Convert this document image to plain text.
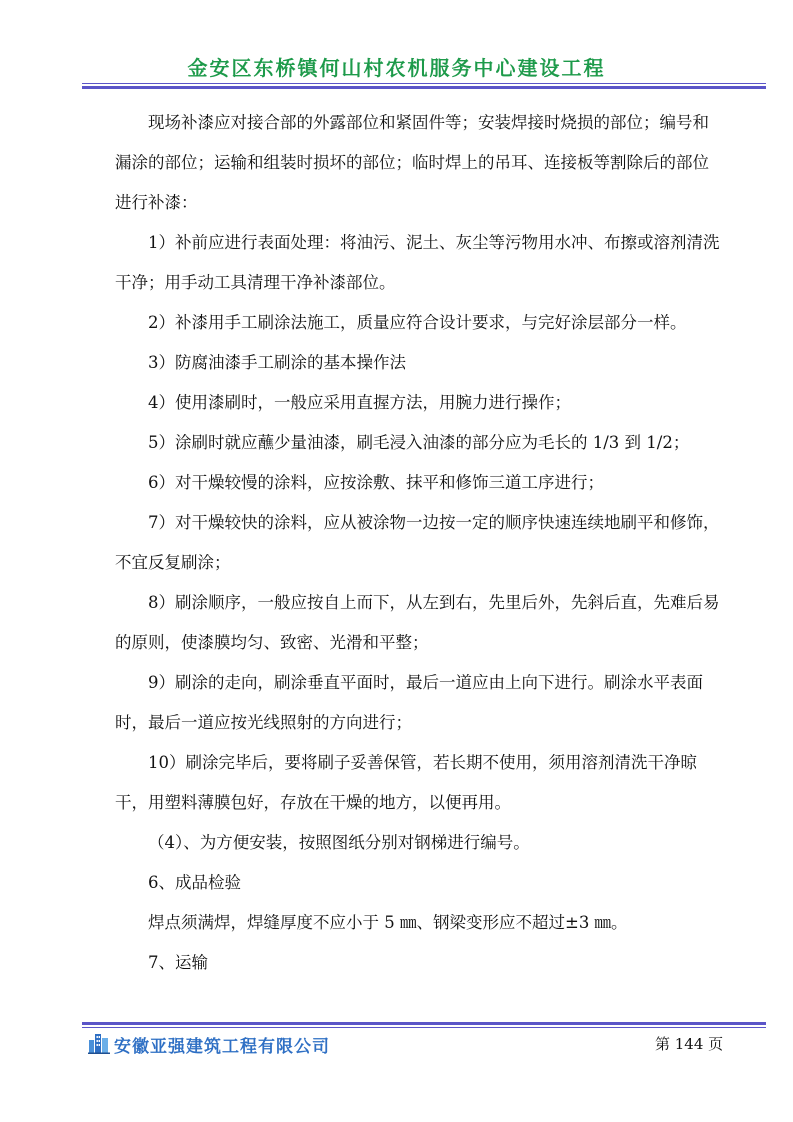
金安区东桥镇何山村农机服务中心建设工程

现场补漆应对接合部的外露部位和紧固件等；安装焊接时烧损的部位；编号和漏涂的部位；运输和组装时损坏的部位；临时焊上的吊耳、连接板等割除后的部位进行补漆：

1）补前应进行表面处理：将油污、泥土、灰尘等污物用水冲、布擦或溶剂清洗干净；用手动工具清理干净补漆部位。

2）补漆用手工刷涂法施工，质量应符合设计要求，与完好涂层部分一样。

3）防腐油漆手工刷涂的基本操作法

4）使用漆刷时，一般应采用直握方法，用腕力进行操作；

5）涂刷时就应蘸少量油漆，刷毛浸入油漆的部分应为毛长的 1/3 到 1/2；

6）对干燥较慢的涂料，应按涂敷、抹平和修饰三道工序进行；

7）对干燥较快的涂料，应从被涂物一边按一定的顺序快速连续地刷平和修饰，不宜反复刷涂；

8）刷涂顺序，一般应按自上而下，从左到右，先里后外，先斜后直，先难后易的原则，使漆膜均匀、致密、光滑和平整；

9）刷涂的走向，刷涂垂直平面时，最后一道应由上向下进行。刷涂水平表面时，最后一道应按光线照射的方向进行；

10）刷涂完毕后，要将刷子妥善保管，若长期不使用，须用溶剂清洗干净晾干，用塑料薄膜包好，存放在干燥的地方，以便再用。

（4）、为方便安装，按照图纸分别对钢梯进行编号。

6、成品检验

焊点须满焊，焊缝厚度不应小于 5 ㎜、钢梁变形应不超过±3 ㎜。

7、运输

安徽亚强建筑工程有限公司	第 144 页
